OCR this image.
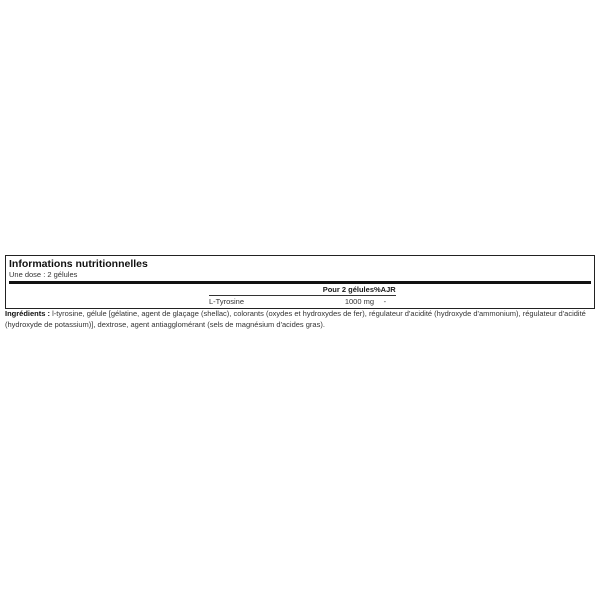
Informations nutritionnelles
Une dose : 2 gélules
	Pour 2 gélules	%AJR
L-Tyrosine	1000 mg	-
Ingrédients : l-tyrosine, gélule [gélatine, agent de glaçage (shellac), colorants (oxydes et hydroxydes de fer), régulateur d'acidité (hydroxyde d'ammonium), régulateur d'acidité (hydroxyde de potassium)], dextrose, agent antiagglomérant (sels de magnésium d'acides gras).
